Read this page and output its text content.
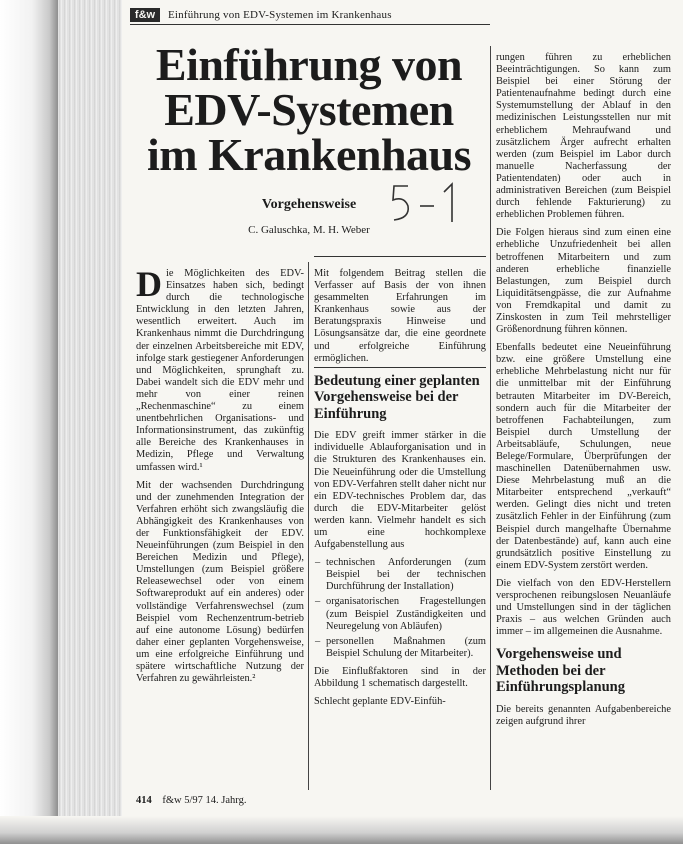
f&w	Einführung von EDV-Systemen im Krankenhaus
Einführung von
EDV-Systemen
im Krankenhaus
Vorgehensweise
C. Galuschka, M. H. Weber

Die Möglichkeiten des EDV-Einsatzes haben sich, bedingt durch die technologische Entwicklung in den letzten Jahren, wesentlich erweitert. Auch im Krankenhaus nimmt die Durchdringung der einzelnen Arbeitsbereiche mit EDV, infolge stark gestiegener Anforderungen und Möglichkeiten, sprunghaft zu. Dabei wandelt sich die EDV mehr und mehr von einer reinen „Rechenmaschine“ zu einem unentbehrlichen Organisations- und Informationsinstrument, das zukünftig alle Bereiche des Krankenhauses in Medizin, Pflege und Verwaltung umfassen wird.¹

Mit der wachsenden Durchdringung und der zunehmenden Integration der Verfahren erhöht sich zwangsläufig die Abhängigkeit des Krankenhauses von der Funktionsfähigkeit der EDV. Neueinführungen (zum Beispiel in den Bereichen Medizin und Pflege), Umstellungen (zum Beispiel größere Releasewechsel oder von einem Softwareprodukt auf ein anderes) oder vollständige Verfahrenswechsel (zum Beispiel vom Rechenzentrum-betrieb auf eine autonome Lösung) bedürfen daher einer geplanten Vorgehensweise, um eine erfolgreiche Einführung und spätere wirtschaftliche Nutzung der Verfahren zu gewährleisten.²

Mit folgendem Beitrag stellen die Verfasser auf Basis der von ihnen gesammelten Erfahrungen im Krankenhaus sowie aus der Beratungspraxis Hinweise und Lösungsansätze dar, die eine geordnete und erfolgreiche Einführung ermöglichen.

Bedeutung einer geplanten Vorgehensweise bei der Einführung

Die EDV greift immer stärker in die individuelle Ablauforganisation und in die Strukturen des Krankenhauses ein. Die Neueinführung oder die Umstellung von EDV-Verfahren stellt daher nicht nur ein EDV-technisches Problem dar, das durch die EDV-Mitarbeiter gelöst werden kann. Vielmehr handelt es sich um eine hochkomplexe Aufgabenstellung aus

– technischen Anforderungen (zum Beispiel bei der technischen Durchführung der Installation)
– organisatorischen Fragestellungen (zum Beispiel Zuständigkeiten und Neuregelung von Abläufen)
– personellen Maßnahmen (zum Beispiel Schulung der Mitarbeiter).

Die Einflußfaktoren sind in der Abbildung 1 schematisch dargestellt.

Schlecht geplante EDV-Einfüh-

rungen führen zu erheblichen Beeinträchtigungen. So kann zum Beispiel bei einer Störung der Patientenaufnahme bedingt durch eine Systemumstellung der Ablauf in den medizinischen Leistungsstellen nur mit erheblichem Mehraufwand und zusätzlichem Ärger aufrecht erhalten werden (zum Beispiel im Labor durch manuelle Nacherfassung der Patientendaten) oder auch in administrativen Bereichen (zum Beispiel durch fehlende Fakturierung) zu erheblichen Problemen führen.

Die Folgen hieraus sind zum einen eine erhebliche Unzufriedenheit bei allen betroffenen Mitarbeitern und zum anderen erhebliche finanzielle Belastungen, zum Beispiel durch Liquiditätsengpässe, die zur Aufnahme von Fremdkapital und damit zu Zinskosten in zum Teil mehrstelliger Größenordnung führen können.

Ebenfalls bedeutet eine Neueinführung bzw. eine größere Umstellung eine erhebliche Mehrbelastung nicht nur für die unmittelbar mit der Einführung betrauten Mitarbeiter im DV-Bereich, sondern auch für die Mitarbeiter der betroffenen Fachabteilungen, zum Beispiel durch Umstellung der Arbeitsabläufe, Schulungen, neue Belege/Formulare, Überprüfungen der maschinellen Datenübernahmen usw. Diese Mehrbelastung muß an die Mitarbeiter entsprechend „verkauft“ werden. Gelingt dies nicht und treten zusätzlich Fehler in der Einführung (zum Beispiel durch mangelhafte Übernahme der Datenbestände) auf, kann auch eine grundsätzlich positive Einstellung zu einem EDV-System zerstört werden.

Die vielfach von den EDV-Herstellern versprochenen reibungslosen Neuanläufe und Umstellungen sind in der täglichen Praxis – aus welchen Gründen auch immer – im allgemeinen die Ausnahme.

Vorgehensweise und Methoden bei der Einführungsplanung

Die bereits genannten Aufgabenbereiche zeigen aufgrund ihrer

414 f&w 5/97 14. Jahrg.
